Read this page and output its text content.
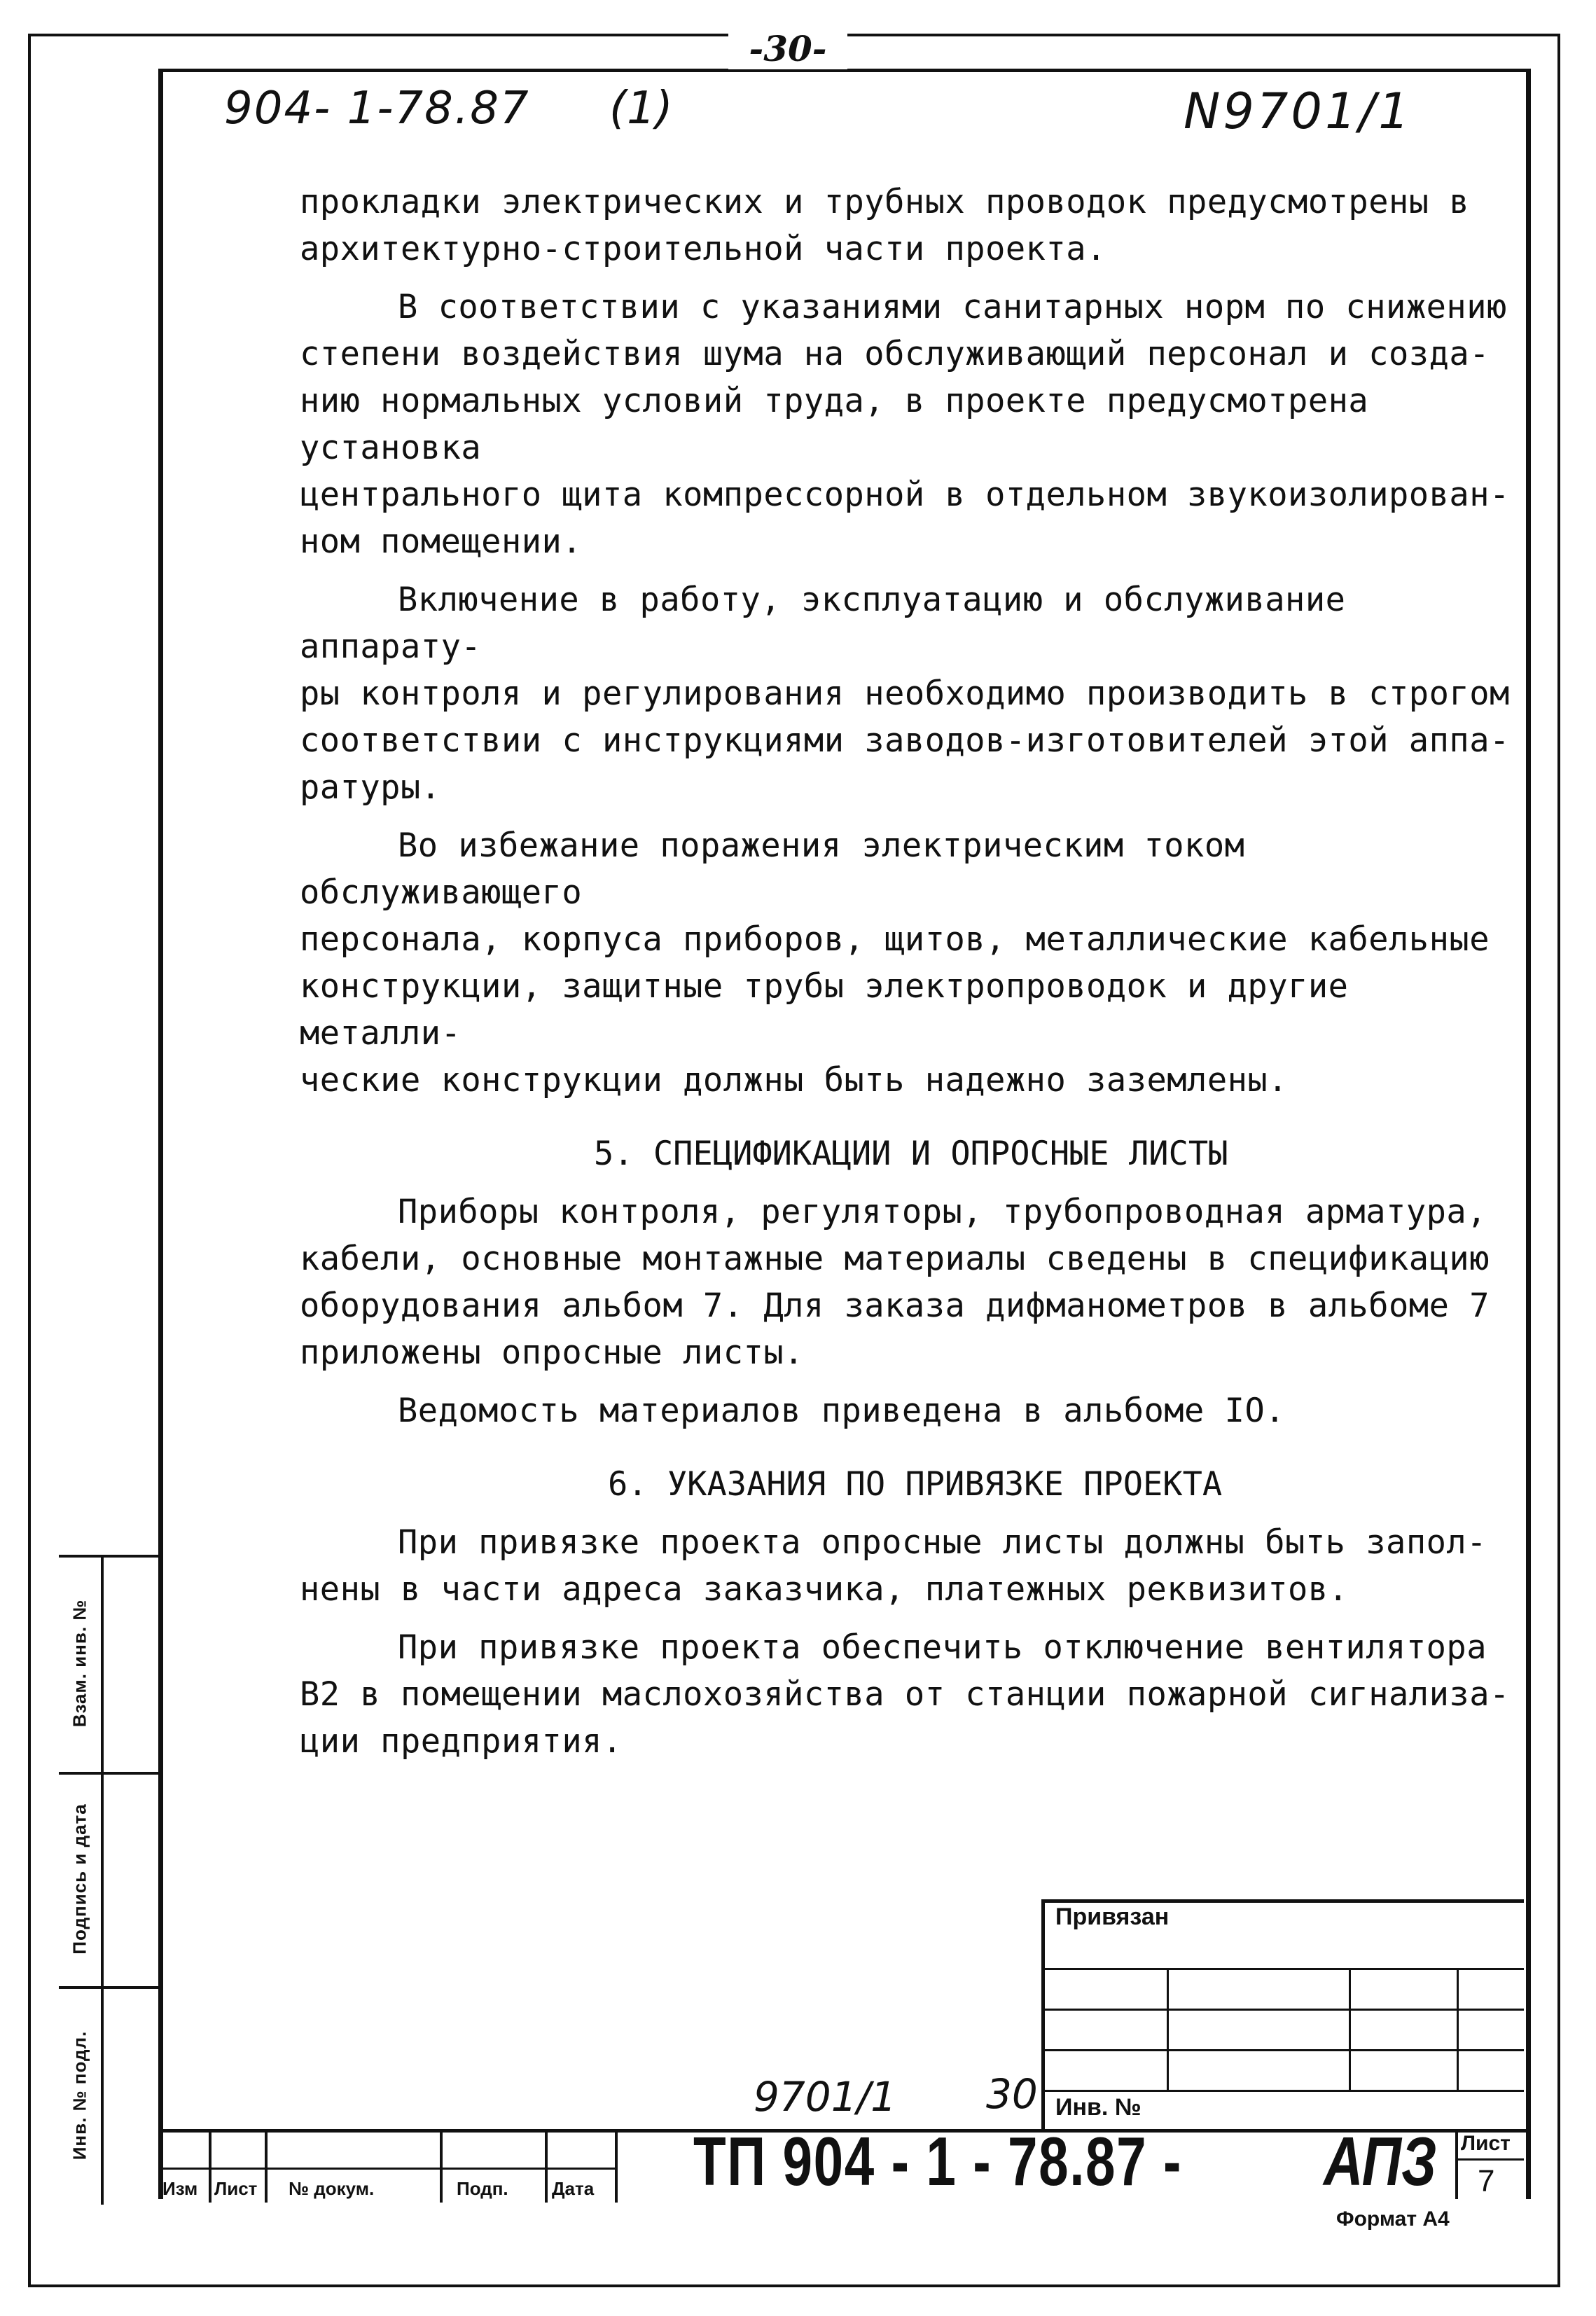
-30-
904- 1-78.87 (1)	N9701/1

прокладки электрических и трубных проводок предусмотрены в
архитектурно-строительной части проекта.

В соответствии с указаниями санитарных норм по снижению
степени воздействия шума на обслуживающий персонал и созда-
нию нормальных условий труда, в проекте предусмотрена установка
центрального щита компрессорной в отдельном звукоизолирован-
ном помещении.

Включение в работу, эксплуатацию и обслуживание аппарату-
ры контроля и регулирования необходимо производить в строгом
соответствии с инструкциями заводов-изготовителей этой аппа-
ратуры.

Во избежание поражения электрическим током обслуживающего
персонала, корпуса приборов, щитов, металлические кабельные
конструкции, защитные трубы электропроводок и другие металли-
ческие конструкции должны быть надежно заземлены.

5. СПЕЦИФИКАЦИИ И ОПРОСНЫЕ ЛИСТЫ

Приборы контроля, регуляторы, трубопроводная арматура,
кабели, основные монтажные материалы сведены в спецификацию
оборудования альбом 7. Для заказа дифманометров в альбоме 7
приложены опросные листы.

Ведомость материалов приведена в альбоме IO.

6. УКАЗАНИЯ ПО ПРИВЯЗКЕ ПРОЕКТА

При привязке проекта опросные листы должны быть запол-
нены в части адреса заказчика, платежных реквизитов.

При привязке проекта обеспечить отключение вентилятора
В2 в помещении маслохозяйства от станции пожарной сигнализа-
ции предприятия.

Взам. инв. №
Подпись и дата
Инв. № подл.
Привязан
Инв. №
9701/1 30
Изм Лист № докум.	Подп. Дата ТП 904 - 1 - 78.87 - АПЗ Лист
7
Формат А4
